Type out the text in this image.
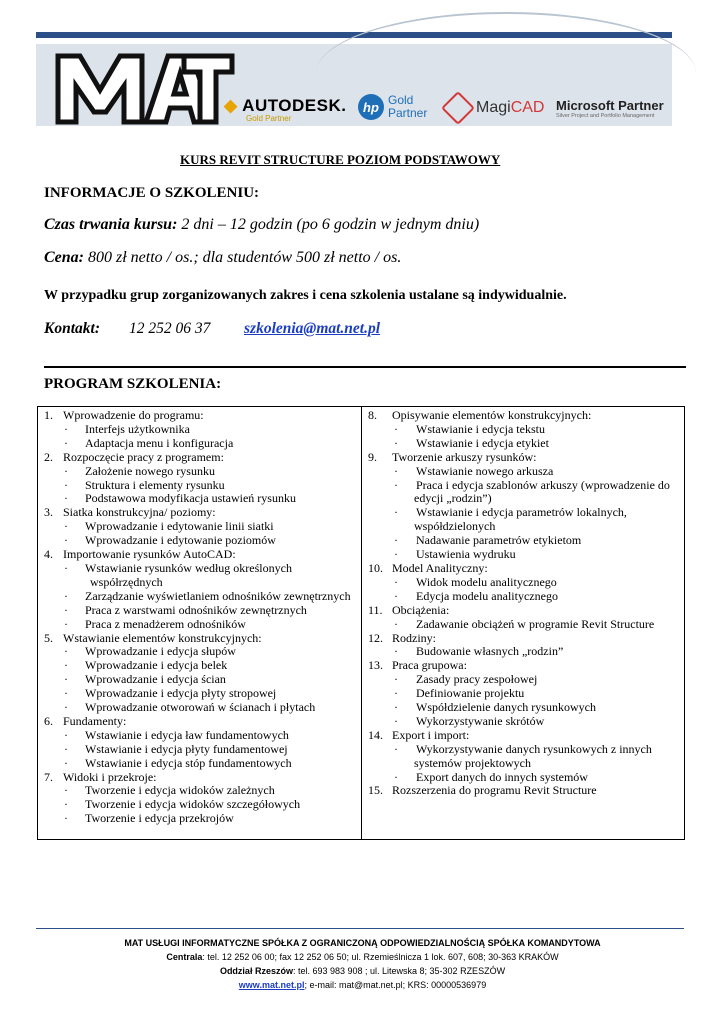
◆ AUTODESK.
Gold Partner
hp Gold
Partner	MagiCAD Microsoft Partner
Silver Project and Portfolio Management
KURS REVIT STRUCTURE POZIOM PODSTAWOWY
INFORMACJE O SZKOLENIU:
Czas trwania kursu: 2 dni – 12 godzin (po 6 godzin w jednym dniu)
Cena: 800 zł netto / os.; dla studentów 500 zł netto / os.
W przypadku grup zorganizowanych zakres i cena szkolenia ustalane są indywidualnie.
Kontakt: 12 252 06 37 szkolenia@mat.net.pl
PROGRAM SZKOLENIA:
1. Wprowadzenie do programu:
·	Interfejs użytkownika
·	Adaptacja menu i konfiguracja
2. Rozpoczęcie pracy z programem:
·	Założenie nowego rysunku
·	Struktura i elementy rysunku
·	Podstawowa modyfikacja ustawień rysunku
3. Siatka konstrukcyjna/ poziomy:
·	Wprowadzanie i edytowanie linii siatki
·	Wprowadzanie i edytowanie poziomów
4. Importowanie rysunków AutoCAD:
·	Wstawianie rysunków według określonych
współrzędnych
·	Zarządzanie wyświetlaniem odnośników zewnętrznych
·	Praca z warstwami odnośników zewnętrznych
·	Praca z menadżerem odnośników
5. Wstawianie elementów konstrukcyjnych:
·	Wprowadzanie i edycja słupów
·	Wprowadzanie i edycja belek
·	Wprowadzanie i edycja ścian
·	Wprowadzanie i edycja płyty stropowej
·	Wprowadzanie otworowań w ścianach i płytach
6. Fundamenty:
·	Wstawianie i edycja ław fundamentowych
·	Wstawianie i edycja płyty fundamentowej
·	Wstawianie i edycja stóp fundamentowych
7. Widoki i przekroje:
·	Tworzenie i edycja widoków zależnych
·	Tworzenie i edycja widoków szczegółowych
·	Tworzenie i edycja przekrojów
8.	Opisywanie elementów konstrukcyjnych:
·	Wstawianie i edycja tekstu
·	Wstawianie i edycja etykiet
9.	Tworzenie arkuszy rysunków:
·	Wstawianie nowego arkusza
·	Praca i edycja szablonów arkuszy (wprowadzenie do
edycji „rodzin”)
·	Wstawianie i edycja parametrów lokalnych,
współdzielonych
·	Nadawanie parametrów etykietom
·	Ustawienia wydruku
10. Model Analityczny:
·	Widok modelu analitycznego
·	Edycja modelu analitycznego
11. Obciążenia:
·	Zadawanie obciążeń w programie Revit Structure
12. Rodziny:
·	Budowanie własnych „rodzin”
13. Praca grupowa:
·	Zasady pracy zespołowej
·	Definiowanie projektu
·	Współdzielenie danych rysunkowych
·	Wykorzystywanie skrótów
14. Export i import:
·	Wykorzystywanie danych rysunkowych z innych
systemów projektowych
·	Export danych do innych systemów
15. Rozszerzenia do programu Revit Structure
MAT USŁUGI INFORMATYCZNE SPÓŁKA Z OGRANICZONĄ ODPOWIEDZIALNOŚCIĄ SPÓŁKA KOMANDYTOWA
Centrala: tel. 12 252 06 00; fax 12 252 06 50; ul. Rzemieślnicza 1 lok. 607, 608; 30-363 KRAKÓW
Oddział Rzeszów: tel. 693 983 908 ; ul. Litewska 8; 35-302 RZESZÓW
www.mat.net.pl; e-mail: mat@mat.net.pl; KRS: 00000536979
